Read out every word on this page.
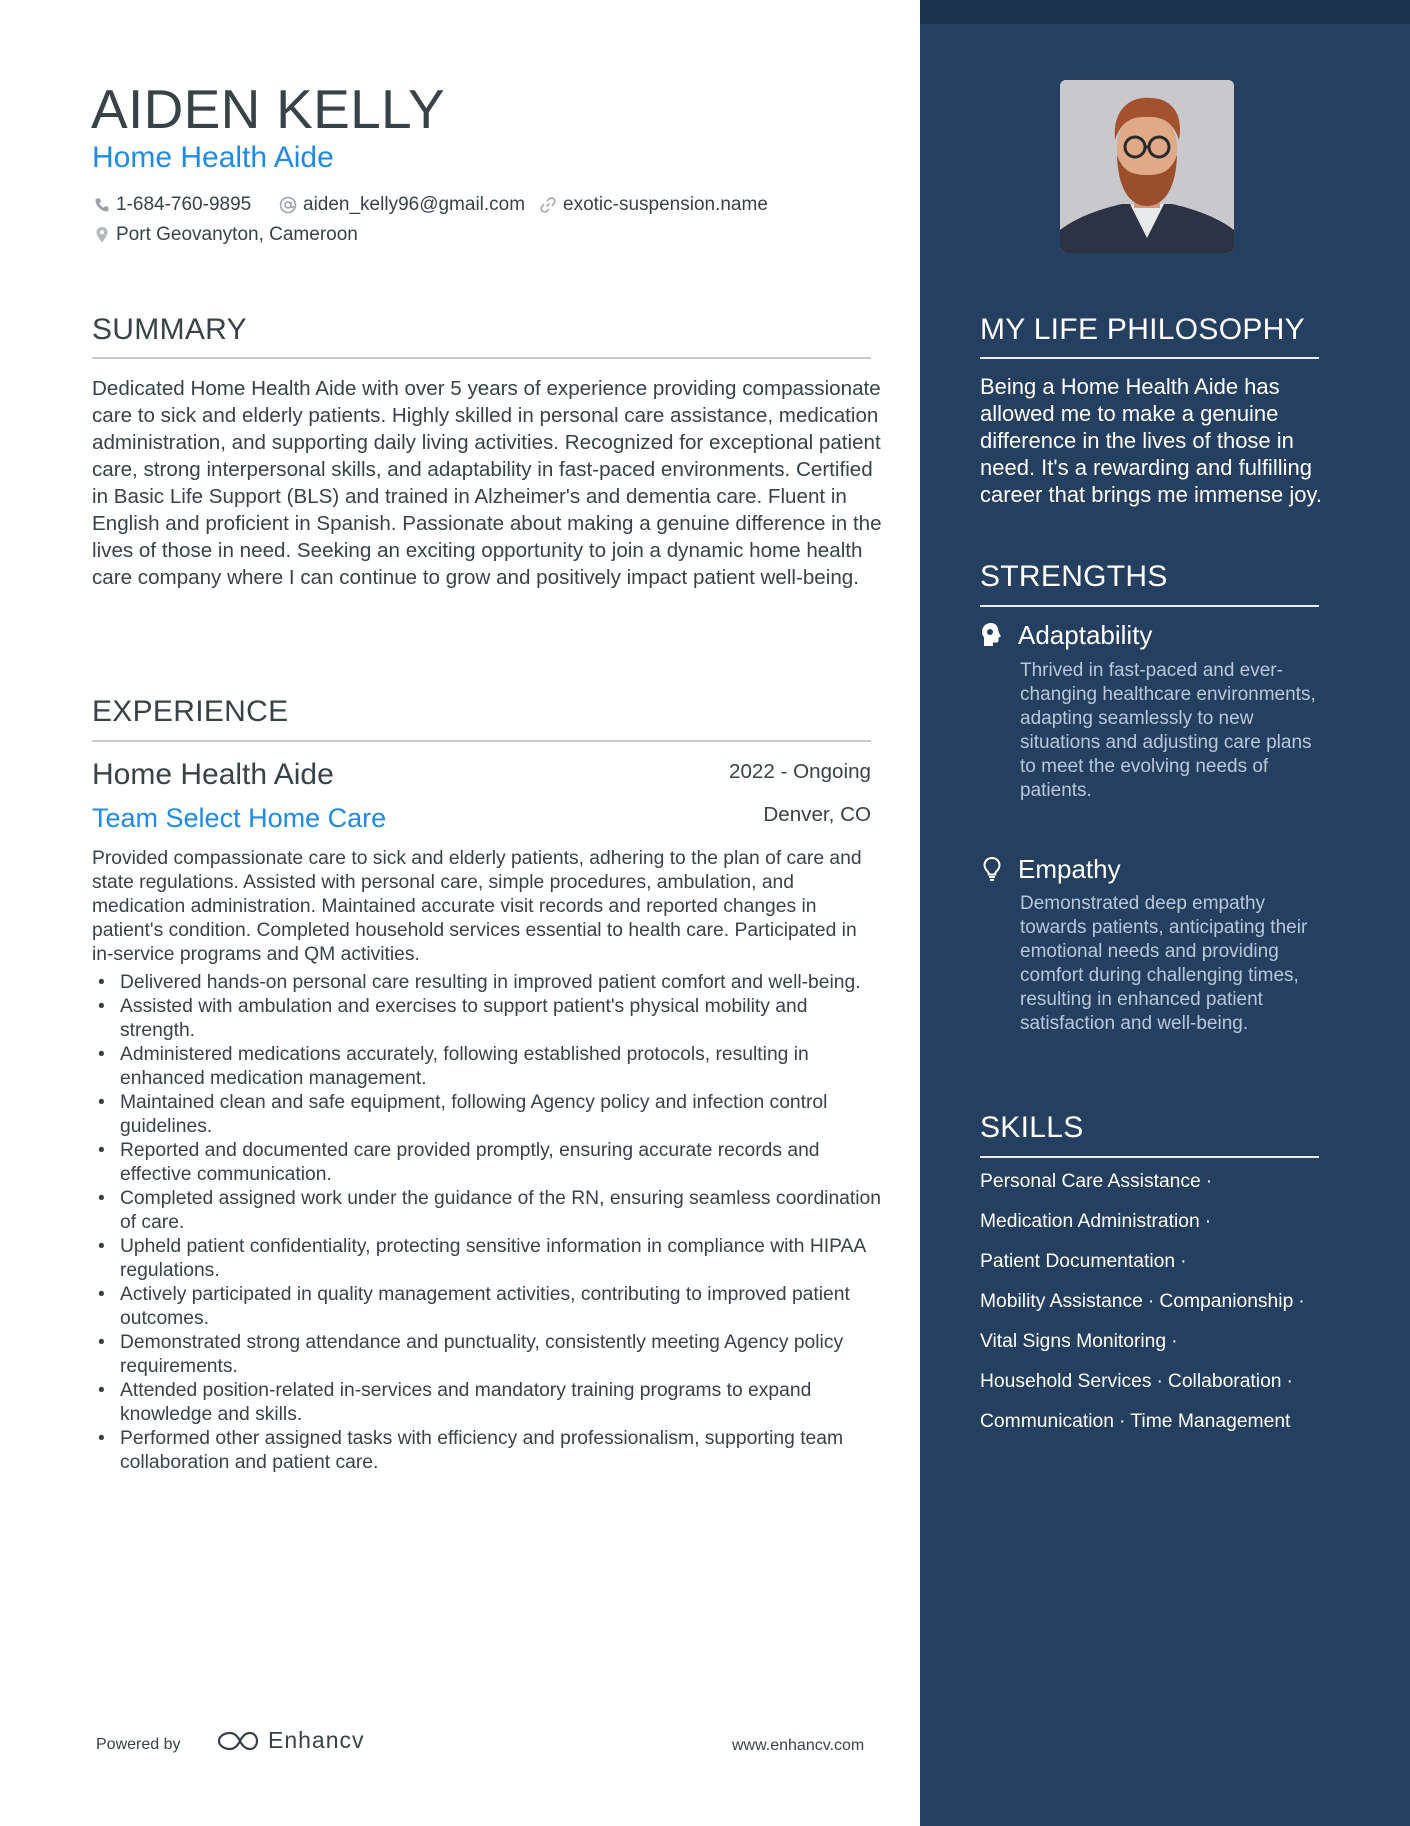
AIDEN KELLY
Home Health Aide
1-684-760-9895	aiden_kelly96@gmail.com exotic-suspension.name
Port Geovanyton, Cameroon
SUMMARY

Dedicated Home Health Aide with over 5 years of experience providing compassionate care to sick and elderly patients. Highly skilled in personal care assistance, medication administration, and supporting daily living activities. Recognized for exceptional patient care, strong interpersonal skills, and adaptability in fast-paced environments. Certified in Basic Life Support (BLS) and trained in Alzheimer's and dementia care. Fluent in English and proficient in Spanish. Passionate about making a genuine difference in the lives of those in need. Seeking an exciting opportunity to join a dynamic home health care company where I can continue to grow and positively impact patient well-being.

EXPERIENCE
Home Health Aide	2022 - Ongoing
Team Select Home Care	Denver, CO

Provided compassionate care to sick and elderly patients, adhering to the plan of care and state regulations. Assisted with personal care, simple procedures, ambulation, and medication administration. Maintained accurate visit records and reported changes in patient's condition. Completed household services essential to health care. Participated in in-service programs and QM activities.

• Delivered hands-on personal care resulting in improved patient comfort and well-being.
• Assisted with ambulation and exercises to support patient's physical mobility and strength.
• Administered medications accurately, following established protocols, resulting in enhanced medication management.
• Maintained clean and safe equipment, following Agency policy and infection control guidelines.
• Reported and documented care provided promptly, ensuring accurate records and effective communication.
• Completed assigned work under the guidance of the RN, ensuring seamless coordination of care.
• Upheld patient confidentiality, protecting sensitive information in compliance with HIPAA regulations.
• Actively participated in quality management activities, contributing to improved patient outcomes.
• Demonstrated strong attendance and punctuality, consistently meeting Agency policy requirements.
• Attended position-related in-services and mandatory training programs to expand knowledge and skills.
• Performed other assigned tasks with efficiency and professionalism, supporting team collaboration and patient care.
MY LIFE PHILOSOPHY

Being a Home Health Aide has allowed me to make a genuine difference in the lives of those in need. It's a rewarding and fulfilling career that brings me immense joy.

STRENGTHS
Adaptability

Thrived in fast-paced and ever-changing healthcare environments, adapting seamlessly to new situations and adjusting care plans to meet the evolving needs of patients.

Empathy

Demonstrated deep empathy towards patients, anticipating their emotional needs and providing comfort during challenging times, resulting in enhanced patient satisfaction and well-being.

SKILLS
Personal Care Assistance ·
Medication Administration ·
Patient Documentation ·
Mobility Assistance · Companionship ·
Vital Signs Monitoring ·
Household Services · Collaboration ·
Communication · Time Management
Powered by	Enhancv	www.enhancv.com
